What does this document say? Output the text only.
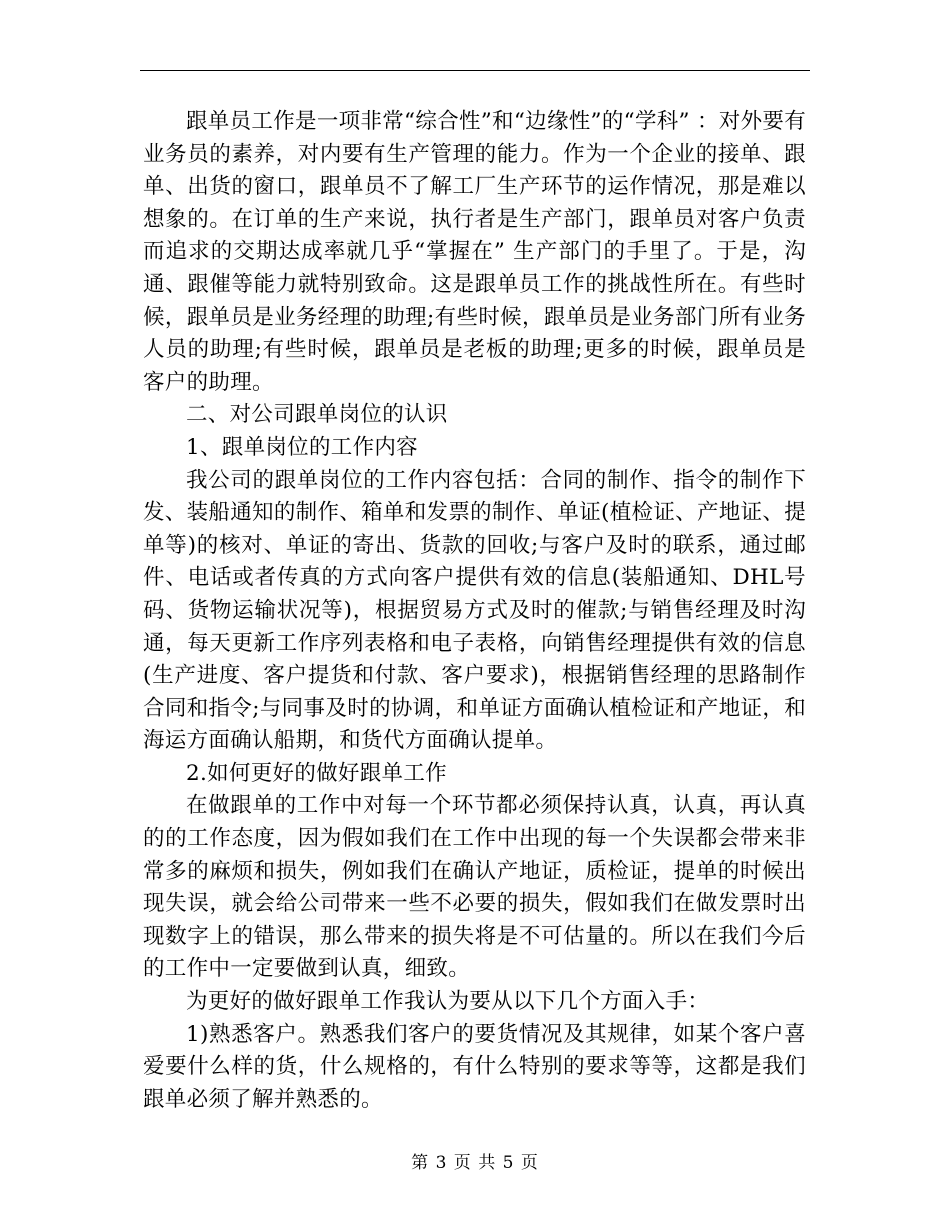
跟单员工作是一项非常“综合性”和“边缘性”的“学科” ：对外要有业务员的素养，对内要有生产管理的能力。作为一个企业的接单、跟单、出货的窗口，跟单员不了解工厂生产环节的运作情况，那是难以想象的。在订单的生产来说，执行者是生产部门，跟单员对客户负责而追求的交期达成率就几乎“掌握在” 生产部门的手里了。于是，沟通、跟催等能力就特别致命。这是跟单员工作的挑战性所在。有些时候，跟单员是业务经理的助理;有些时候，跟单员是业务部门所有业务人员的助理;有些时候，跟单员是老板的助理;更多的时候，跟单员是客户的助理。

二、对公司跟单岗位的认识

1、跟单岗位的工作内容

我公司的跟单岗位的工作内容包括：合同的制作、指令的制作下发、装船通知的制作、箱单和发票的制作、单证(植检证、产地证、提单等)的核对、单证的寄出、货款的回收;与客户及时的联系，通过邮件、电话或者传真的方式向客户提供有效的信息(装船通知、DHL号码、货物运输状况等)，根据贸易方式及时的催款;与销售经理及时沟通，每天更新工作序列表格和电子表格，向销售经理提供有效的信息(生产进度、客户提货和付款、客户要求)，根据销售经理的思路制作合同和指令;与同事及时的协调，和单证方面确认植检证和产地证，和海运方面确认船期，和货代方面确认提单。

2.如何更好的做好跟单工作

在做跟单的工作中对每一个环节都必须保持认真，认真，再认真的的工作态度，因为假如我们在工作中出现的每一个失误都会带来非常多的麻烦和损失，例如我们在确认产地证，质检证，提单的时候出现失误，就会给公司带来一些不必要的损失，假如我们在做发票时出现数字上的错误，那么带来的损失将是不可估量的。所以在我们今后的工作中一定要做到认真，细致。

为更好的做好跟单工作我认为要从以下几个方面入手：

1)熟悉客户。熟悉我们客户的要货情况及其规律，如某个客户喜爱要什么样的货，什么规格的，有什么特别的要求等等，这都是我们跟单必须了解并熟悉的。

第 3 页 共 5 页
